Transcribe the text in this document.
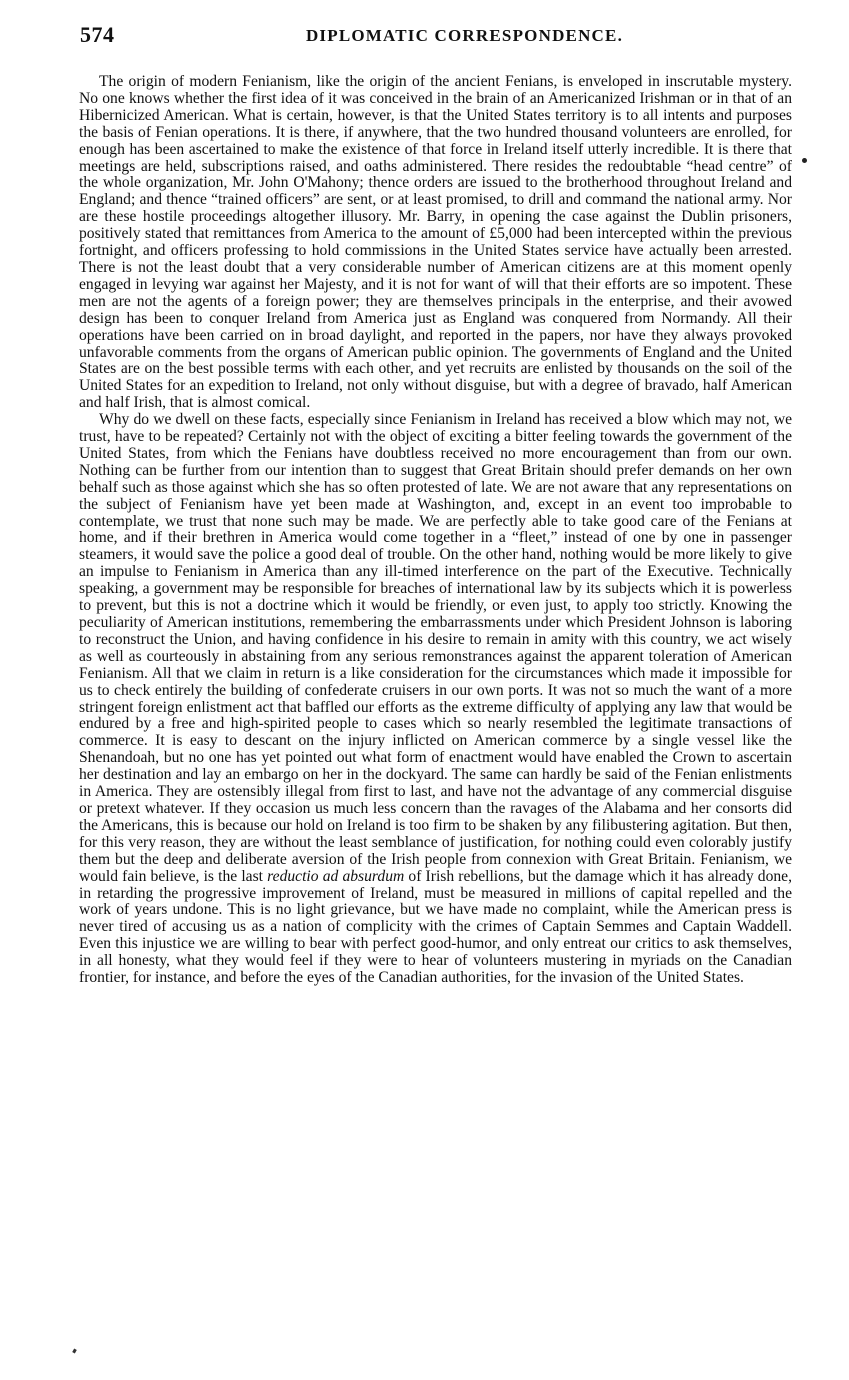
574	DIPLOMATIC CORRESPONDENCE.

The origin of modern Fenianism, like the origin of the ancient Fenians, is enveloped in inscrutable mystery. No one knows whether the first idea of it was conceived in the brain of an Americanized Irishman or in that of an Hibernicized American. What is certain, however, is that the United States territory is to all intents and purposes the basis of Fenian operations. It is there, if anywhere, that the two hundred thousand volunteers are enrolled, for enough has been ascertained to make the existence of that force in Ireland itself utterly incredible. It is there that meetings are held, subscriptions raised, and oaths administered. There resides the redoubtable “head centre” of the whole organization, Mr. John O'Mahony; thence orders are issued to the brotherhood throughout Ireland and England; and thence “trained officers” are sent, or at least promised, to drill and command the national army. Nor are these hostile proceedings altogether illusory. Mr. Barry, in opening the case against the Dublin prisoners, positively stated that remittances from America to the amount of £5,000 had been intercepted within the previous fortnight, and officers professing to hold commissions in the United States service have actually been arrested. There is not the least doubt that a very considerable number of American citizens are at this moment openly engaged in levying war against her Majesty, and it is not for want of will that their efforts are so impotent. These men are not the agents of a foreign power; they are themselves principals in the enterprise, and their avowed design has been to conquer Ireland from America just as England was conquered from Normandy. All their operations have been carried on in broad daylight, and reported in the papers, nor have they always provoked unfavorable comments from the organs of American public opinion. The governments of England and the United States are on the best possible terms with each other, and yet recruits are enlisted by thousands on the soil of the United States for an expedition to Ireland, not only without disguise, but with a degree of bravado, half American and half Irish, that is almost comical.

Why do we dwell on these facts, especially since Fenianism in Ireland has received a blow which may not, we trust, have to be repeated? Certainly not with the object of exciting a bitter feeling towards the government of the United States, from which the Fenians have doubtless received no more encouragement than from our own. Nothing can be further from our intention than to suggest that Great Britain should prefer demands on her own behalf such as those against which she has so often protested of late. We are not aware that any representations on the subject of Fenianism have yet been made at Washington, and, except in an event too improbable to contemplate, we trust that none such may be made. We are perfectly able to take good care of the Fenians at home, and if their brethren in America would come together in a “fleet,” instead of one by one in passenger steamers, it would save the police a good deal of trouble. On the other hand, nothing would be more likely to give an impulse to Fenianism in America than any ill-timed interference on the part of the Executive. Technically speaking, a government may be responsible for breaches of international law by its subjects which it is powerless to prevent, but this is not a doctrine which it would be friendly, or even just, to apply too strictly. Knowing the peculiarity of American institutions, remembering the embarrassments under which President Johnson is laboring to reconstruct the Union, and having confidence in his desire to remain in amity with this country, we act wisely as well as courteously in abstaining from any serious remonstrances against the apparent toleration of American Fenianism. All that we claim in return is a like consideration for the circumstances which made it impossible for us to check entirely the building of confederate cruisers in our own ports. It was not so much the want of a more stringent foreign enlistment act that baffled our efforts as the extreme difficulty of applying any law that would be endured by a free and high-spirited people to cases which so nearly resembled the legitimate transactions of commerce. It is easy to descant on the injury inflicted on American commerce by a single vessel like the Shenandoah, but no one has yet pointed out what form of enactment would have enabled the Crown to ascertain her destination and lay an embargo on her in the dockyard. The same can hardly be said of the Fenian enlistments in America. They are ostensibly illegal from first to last, and have not the advantage of any commercial disguise or pretext whatever. If they occasion us much less concern than the ravages of the Alabama and her consorts did the Americans, this is because our hold on Ireland is too firm to be shaken by any filibustering agitation. But then, for this very reason, they are without the least semblance of justification, for nothing could even colorably justify them but the deep and deliberate aversion of the Irish people from connexion with Great Britain. Fenianism, we would fain believe, is the last reductio ad absurdum of Irish rebellions, but the damage which it has already done, in retarding the progressive improvement of Ireland, must be measured in millions of capital repelled and the work of years undone. This is no light grievance, but we have made no complaint, while the American press is never tired of accusing us as a nation of complicity with the crimes of Captain Semmes and Captain Waddell. Even this injustice we are willing to bear with perfect good-humor, and only entreat our critics to ask themselves, in all honesty, what they would feel if they were to hear of volunteers mustering in myriads on the Canadian frontier, for instance, and before the eyes of the Canadian authorities, for the invasion of the United States.
